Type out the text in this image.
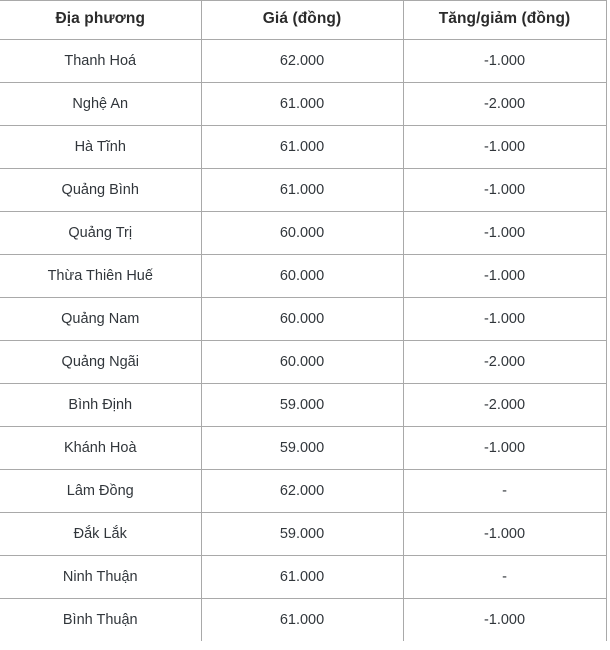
Địa phương	Giá (đồng)	Tăng/giảm (đồng)

Thanh Hoá	62.000	-1.000

Nghệ An	61.000	-2.000

Hà Tĩnh	61.000	-1.000

Quảng Bình	61.000	-1.000

Quảng Trị	60.000	-1.000

Thừa Thiên Huế	60.000	-1.000

Quảng Nam	60.000	-1.000

Quảng Ngãi	60.000	-2.000

Bình Định	59.000	-2.000

Khánh Hoà	59.000	-1.000

Lâm Đồng	62.000	-

Đắk Lắk	59.000	-1.000

Ninh Thuận	61.000	-

Bình Thuận	61.000	-1.000
